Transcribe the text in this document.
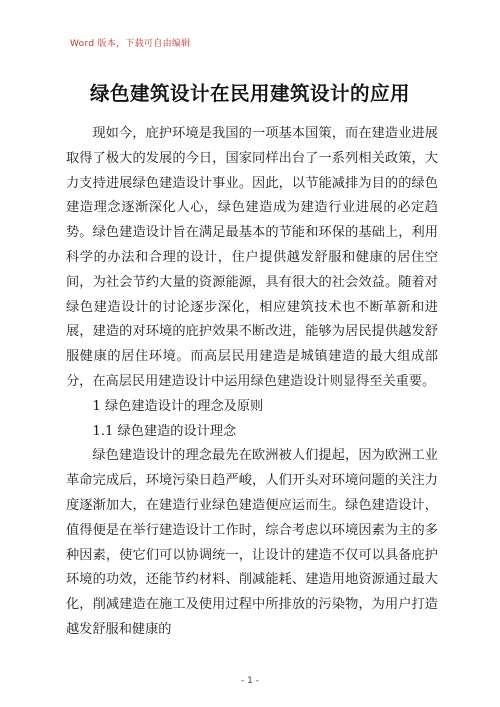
Word 版本，下载可自由编辑
绿色建筑设计在民用建筑设计的应用

现如今，庇护环境是我国的一项基本国策，而在建造业进展取得了极大的发展的今日，国家同样出台了一系列相关政策，大力支持进展绿色建造设计事业。因此，以节能减排为目的的绿色建造理念逐渐深化人心，绿色建造成为建造行业进展的必定趋势。绿色建造设计旨在满足最基本的节能和环保的基础上，利用科学的办法和合理的设计，住户提供越发舒服和健康的居住空间，为社会节约大量的资源能源，具有很大的社会效益。随着对绿色建造设计的讨论逐步深化，相应建筑技术也不断革新和进展，建造的对环境的庇护效果不断改进，能够为居民提供越发舒服健康的居住环境。而高层民用建造是城镇建造的最大组成部分，在高层民用建造设计中运用绿色建造设计则显得至关重要。

1 绿色建造设计的理念及原则

1.1 绿色建造的设计理念

绿色建造设计的理念最先在欧洲被人们提起，因为欧洲工业革命完成后，环境污染日趋严峻，人们开头对环境问题的关注力度逐渐加大，在建造行业绿色建造便应运而生。绿色建造设计，值得便是在举行建造设计工作时，综合考虑以环境因素为主的多种因素，使它们可以协调统一，让设计的建造不仅可以具备庇护环境的功效，还能节约材料、削减能耗、建造用地资源通过最大化，削减建造在施工及使用过程中所排放的污染物，为用户打造越发舒服和健康的

- 1 -
